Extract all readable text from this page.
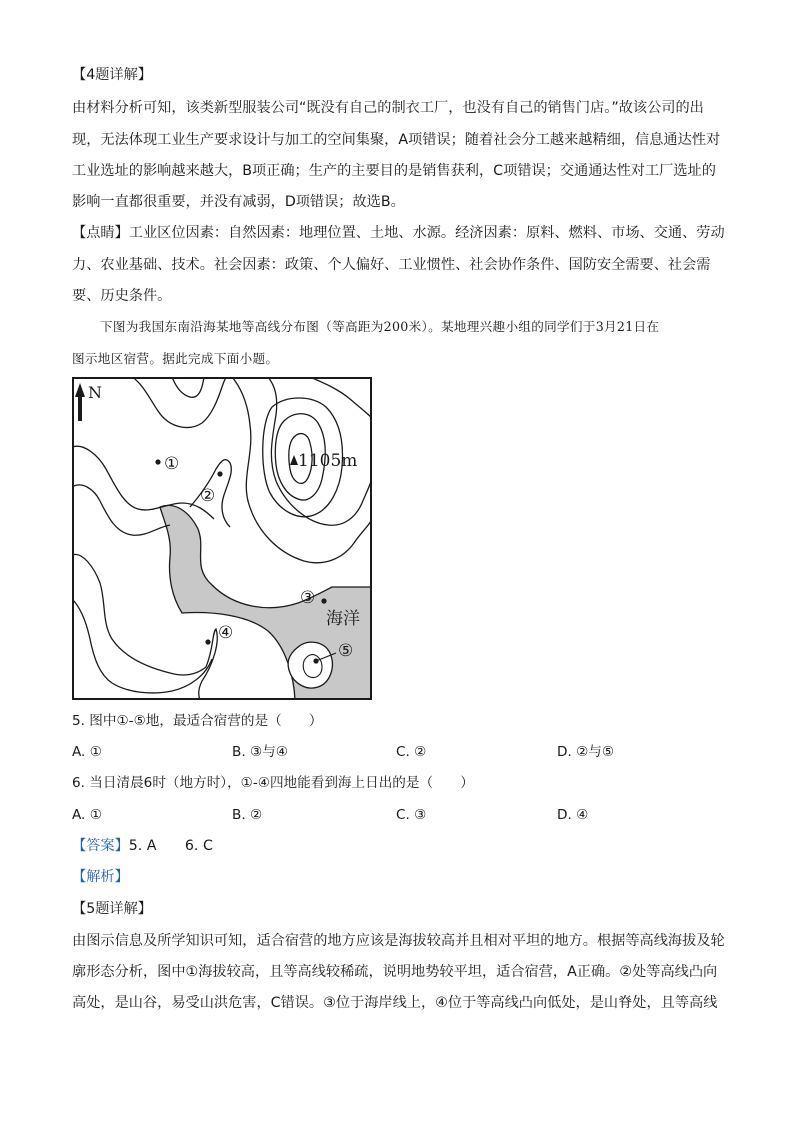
【4题详解】
由材料分析可知，该类新型服装公司“既没有自己的制衣工厂，也没有自己的销售门店。”故该公司的出
现，无法体现工业生产要求设计与加工的空间集聚，A项错误；随着社会分工越来越精细，信息通达性对
工业选址的影响越来越大，B项正确；生产的主要目的是销售获利，C项错误；交通通达性对工厂选址的
影响一直都很重要，并没有减弱，D项错误；故选B。
【点睛】工业区位因素：自然因素：地理位置、土地、水源。经济因素：原料、燃料、市场、交通、劳动
力、农业基础、技术。社会因素：政策、个人偏好、工业惯性、社会协作条件、国防安全需要、社会需
要、历史条件。
下图为我国东南沿海某地等高线分布图（等高距为200米）。某地理兴趣小组的同学们于3月21日在
图示地区宿营。据此完成下面小题。
N
1105m
海洋
①
②
③
④
⑤
5. 图中①-⑤地，最适合宿营的是（　　）
A. ①	B. ③与④	C. ②	D. ②与⑤
6. 当日清晨6时（地方时），①-④四地能看到海上日出的是（　　）
A. ①	B. ②	C. ③	D. ④
【答案】5. A　　6. C
【解析】
【5题详解】
由图示信息及所学知识可知，适合宿营的地方应该是海拔较高并且相对平坦的地方。根据等高线海拔及轮
廓形态分析，图中①海拔较高，且等高线较稀疏，说明地势较平坦，适合宿营，A正确。②处等高线凸向
高处，是山谷，易受山洪危害，C错误。③位于海岸线上，④位于等高线凸向低处，是山脊处，且等高线
